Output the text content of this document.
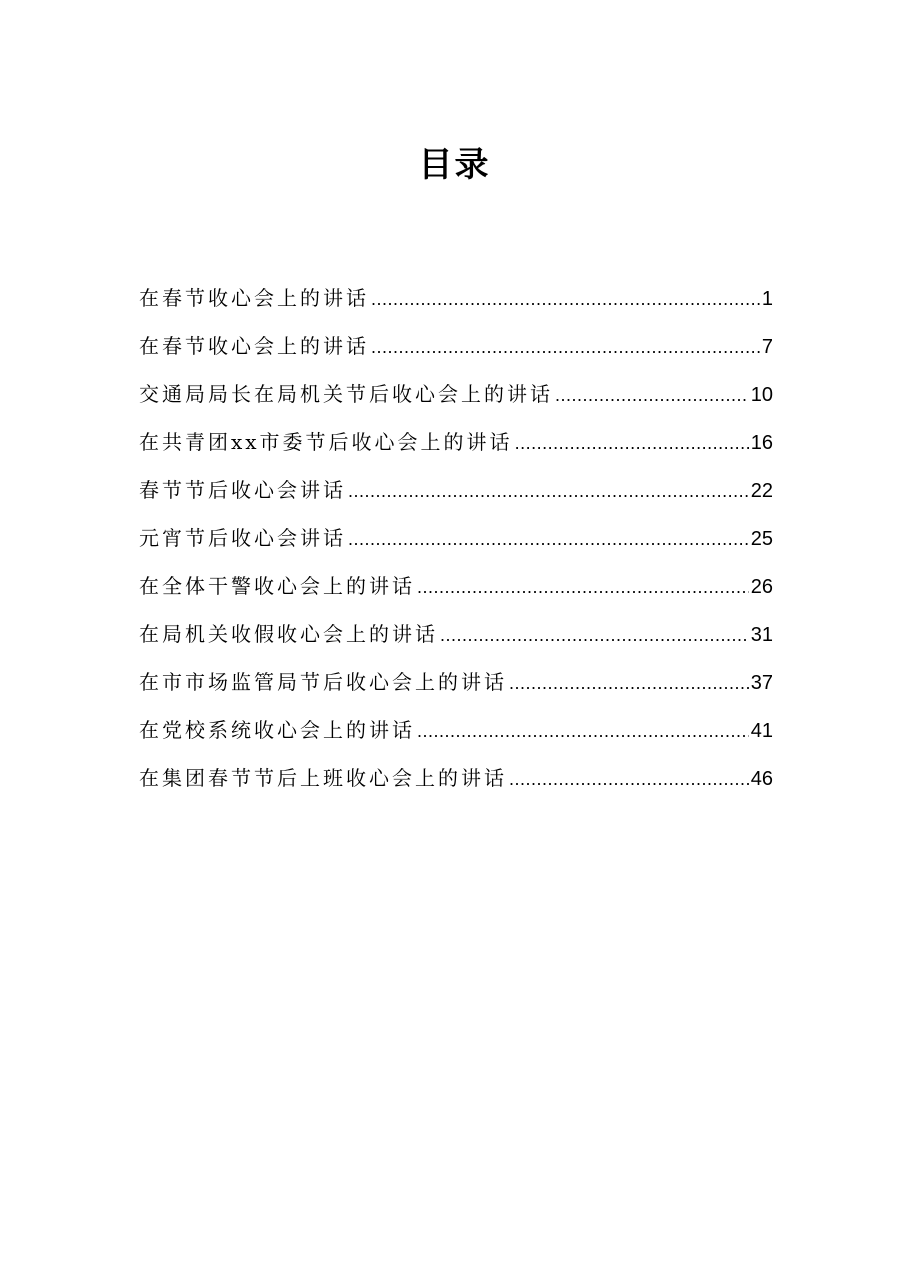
目录
在春节收心会上的讲话 .....	1
在春节收心会上的讲话 .....	7
交通局局长在局机关节后收心会上的讲话 .....	10
在共青团xx市委节后收心会上的讲话 .....	16
春节节后收心会讲话 .....	22
元宵节后收心会讲话 .....	25
在全体干警收心会上的讲话 .....	26
在局机关收假收心会上的讲话 .....	31
在市市场监管局节后收心会上的讲话 .....	37
在党校系统收心会上的讲话 .....	41
在集团春节节后上班收心会上的讲话 .....	46
